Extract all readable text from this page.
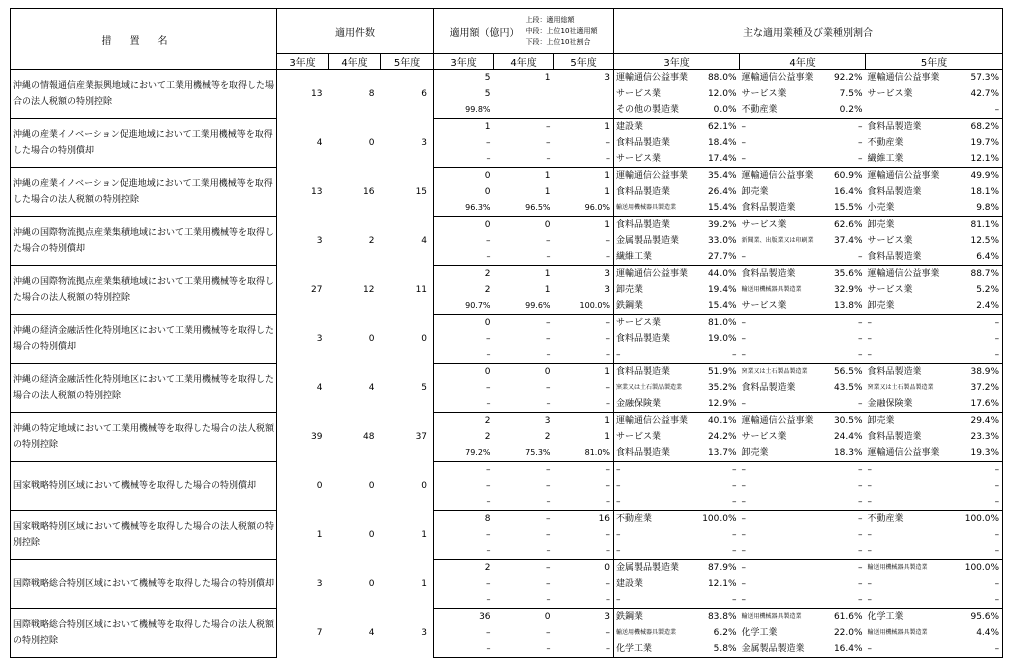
措置名	適用件数			適用額（億円）上段：適用総額
中段：上位10社適用額
下段：上位10社割合			主な適用業種及び業種別割合					
	3年度	4年度	5年度	3年度	4年度	5年度	3年度		4年度		5年度	
沖縄の情報通信産業振興地域において工業用機械等を取得した場合の法人税額の特別控除	13	8	6	5	1	3	運輸通信公益事業	88.0%	運輸通信公益事業	92.2%	運輸通信公益事業	57.3%
				5			サービス業	12.0%	サービス業	7.5%	サービス業	42.7%
				99.8%			その他の製造業	0.0%	不動産業	0.2%		–
沖縄の産業イノベーション促進地域において工業用機械等を取得した場合の特別償却	4	0	3	1	–	1	建設業	62.1%	–	–	食料品製造業	68.2%
				–	–	–	食料品製造業	18.4%	–	–	不動産業	19.7%
				–	–	–	サービス業	17.4%	–	–	繊維工業	12.1%
沖縄の産業イノベーション促進地域において工業用機械等を取得した場合の法人税額の特別控除	13	16	15	0	1	1	運輸通信公益事業	35.4%	運輸通信公益事業	60.9%	運輸通信公益事業	49.9%
				0	1	1	食料品製造業	26.4%	卸売業	16.4%	食料品製造業	18.1%
				96.3%	96.5%	96.0%	輸送用機械器具製造業	15.4%	食料品製造業	15.5%	小売業	9.8%
沖縄の国際物流拠点産業集積地域において工業用機械等を取得した場合の特別償却	3	2	4	0	0	1	食料品製造業	39.2%	サービス業	62.6%	卸売業	81.1%
				–	–	–	金属製品製造業	33.0%	新聞業、出版業又は印刷業	37.4%	サービス業	12.5%
				–	–	–	繊維工業	27.7%	–	–	食料品製造業	6.4%
沖縄の国際物流拠点産業集積地域において工業用機械等を取得した場合の法人税額の特別控除	27	12	11	2	1	3	運輸通信公益事業	44.0%	食料品製造業	35.6%	運輸通信公益事業	88.7%
				2	1	3	卸売業	19.4%	輸送用機械器具製造業	32.9%	サービス業	5.2%
				90.7%	99.6%	100.0%	鉄鋼業	15.4%	サービス業	13.8%	卸売業	2.4%
沖縄の経済金融活性化特別地区において工業用機械等を取得した場合の特別償却	3	0	0	0	–	–	サービス業	81.0%	–	–	–	–
				–	–	–	食料品製造業	19.0%	–	–	–	–
				–	–	–	–	–	–	–	–	–
沖縄の経済金融活性化特別地区において工業用機械等を取得した場合の法人税額の特別控除	4	4	5	0	0	1	食料品製造業	51.9%	窯業又は土石製品製造業	56.5%	食料品製造業	38.9%
				–	–	–	窯業又は土石製品製造業	35.2%	食料品製造業	43.5%	窯業又は土石製品製造業	37.2%
				–	–	–	金融保険業	12.9%	–	–	金融保険業	17.6%
沖縄の特定地域において工業用機械等を取得した場合の法人税額の特別控除	39	48	37	2	3	1	運輸通信公益事業	40.1%	運輸通信公益事業	30.5%	卸売業	29.4%
				2	2	1	サービス業	24.2%	サービス業	24.4%	食料品製造業	23.3%
				79.2%	75.3%	81.0%	食料品製造業	13.7%	卸売業	18.3%	運輸通信公益事業	19.3%
国家戦略特別区域において機械等を取得した場合の特別償却	0	0	0	–	–	–	–	–	–	–	–	–
				–	–	–	–	–	–	–	–	–
				–	–	–	–	–	–	–	–	–
国家戦略特別区域において機械等を取得した場合の法人税額の特別控除	1	0	1	8	–	16	不動産業	100.0%	–	–	不動産業	100.0%
				–	–	–	–	–	–	–	–	–
				–	–	–	–	–	–	–	–	–
国際戦略総合特別区域において機械等を取得した場合の特別償却	3	0	1	2	–	0	金属製品製造業	87.9%	–	–	輸送用機械器具製造業	100.0%
				–	–	–	建設業	12.1%	–	–	–	–
				–	–	–	–	–	–	–	–	–
国際戦略総合特別区域において機械等を取得した場合の法人税額の特別控除	7	4	3	36	0	3	鉄鋼業	83.8%	輸送用機械器具製造業	61.6%	化学工業	95.6%
				–	–	–	輸送用機械器具製造業	6.2%	化学工業	22.0%	輸送用機械器具製造業	4.4%
				–	–	–	化学工業	5.8%	金属製品製造業	16.4%	–	–
